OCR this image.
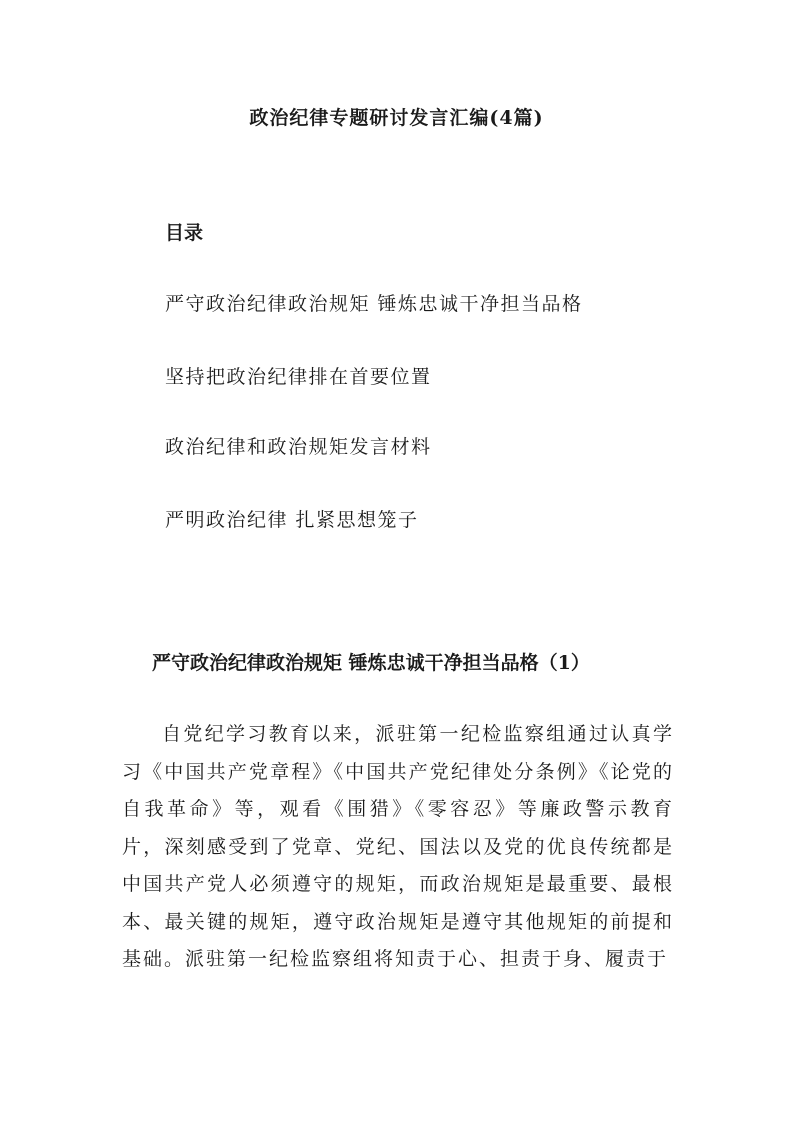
政治纪律专题研讨发言汇编(4篇)
目录
严守政治纪律政治规矩 锤炼忠诚干净担当品格
坚持把政治纪律排在首要位置
政治纪律和政治规矩发言材料
严明政治纪律 扎紧思想笼子
严守政治纪律政治规矩 锤炼忠诚干净担当品格（1）

自党纪学习教育以来，派驻第一纪检监察组通过认真学习《中国共产党章程》《中国共产党纪律处分条例》《论党的自我革命》等，观看《围猎》《零容忍》等廉政警示教育片，深刻感受到了党章、党纪、国法以及党的优良传统都是中国共产党人必须遵守的规矩，而政治规矩是最重要、最根本、最关键的规矩，遵守政治规矩是遵守其他规矩的前提和基础。派驻第一纪检监察组将知责于心、担责于身、履责于
